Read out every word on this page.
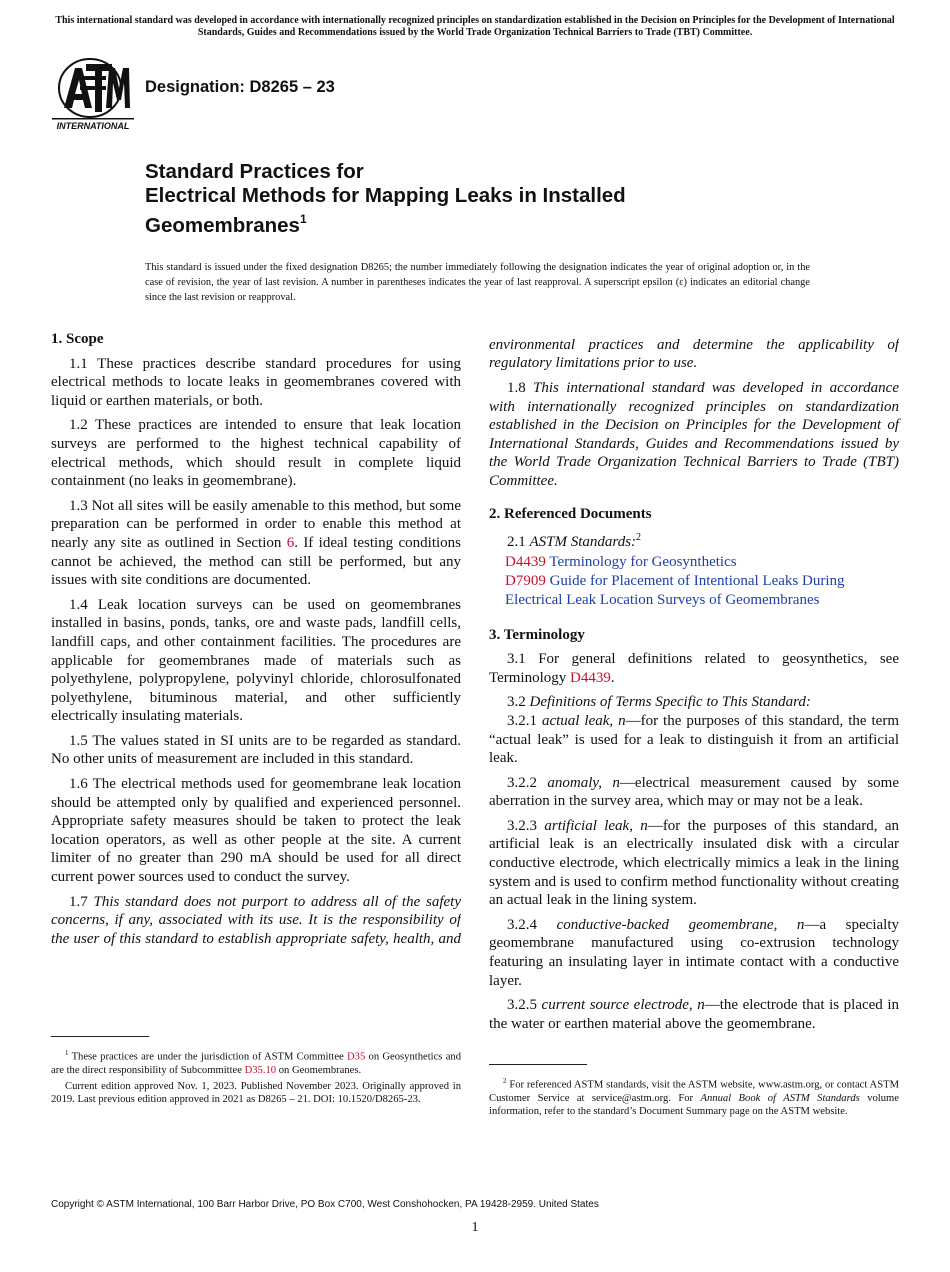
This international standard was developed in accordance with internationally recognized principles on standardization established in the Decision on Principles for the Development of International Standards, Guides and Recommendations issued by the World Trade Organization Technical Barriers to Trade (TBT) Committee.
INTERNATIONAL
Designation: D8265 – 23
Standard Practices for
Electrical Methods for Mapping Leaks in Installed
Geomembranes$^1$
This standard is issued under the fixed designation D8265; the number immediately following the designation indicates the year of original adoption or, in the case of revision, the year of last revision. A number in parentheses indicates the year of last reapproval. A superscript epsilon (ε) indicates an editorial change since the last revision or reapproval.
1. Scope

1.1 These practices describe standard procedures for using electrical methods to locate leaks in geomembranes covered with liquid or earthen materials, or both.

1.2 These practices are intended to ensure that leak location surveys are performed to the highest technical capability of electrical methods, which should result in complete liquid containment (no leaks in geomembrane).

1.3 Not all sites will be easily amenable to this method, but some preparation can be performed in order to enable this method at nearly any site as outlined in Section 6. If ideal testing conditions cannot be achieved, the method can still be performed, but any issues with site conditions are documented.

1.4 Leak location surveys can be used on geomembranes installed in basins, ponds, tanks, ore and waste pads, landfill cells, landfill caps, and other containment facilities. The procedures are applicable for geomembranes made of materials such as polyethylene, polypropylene, polyvinyl chloride, chlorosulfonated polyethylene, bituminous material, and other sufficiently electrically insulating materials.

1.5 The values stated in SI units are to be regarded as standard. No other units of measurement are included in this standard.

1.6 The electrical methods used for geomembrane leak location should be attempted only by qualified and experienced personnel. Appropriate safety measures should be taken to protect the leak location operators, as well as other people at the site. A current limiter of no greater than 290 mA should be used for all direct current power sources used to conduct the survey.

1.7 This standard does not purport to address all of the safety concerns, if any, associated with its use. It is the responsibility of the user of this standard to establish appropriate safety, health, and

environmental practices and determine the applicability of regulatory limitations prior to use.

1.8 This international standard was developed in accordance with internationally recognized principles on standardization established in the Decision on Principles for the Development of International Standards, Guides and Recommendations issued by the World Trade Organization Technical Barriers to Trade (TBT) Committee.

2. Referenced Documents

2.1 ASTM Standards:$^2$

D4439 Terminology for Geosynthetics
D7909 Guide for Placement of Intentional Leaks During Electrical Leak Location Surveys of Geomembranes
3. Terminology

3.1 For general definitions related to geosynthetics, see Terminology D4439.

3.2 Definitions of Terms Specific to This Standard:

3.2.1 actual leak, n—for the purposes of this standard, the term “actual leak” is used for a leak to distinguish it from an artificial leak.

3.2.2 anomaly, n—electrical measurement caused by some aberration in the survey area, which may or may not be a leak.

3.2.3 artificial leak, n—for the purposes of this standard, an artificial leak is an electrically insulated disk with a circular conductive electrode, which electrically mimics a leak in the lining system and is used to confirm method functionality without creating an actual leak in the lining system.

3.2.4 conductive-backed geomembrane, n—a specialty geomembrane manufactured using co-extrusion technology featuring an insulating layer in intimate contact with a conductive layer.

3.2.5 current source electrode, n—the electrode that is placed in the water or earthen material above the geomembrane.

$^1$ These practices are under the jurisdiction of ASTM Committee D35 on Geosynthetics and are the direct responsibility of Subcommittee D35.10 on Geomembranes.

Current edition approved Nov. 1, 2023. Published November 2023. Originally approved in 2019. Last previous edition approved in 2021 as D8265 – 21. DOI: 10.1520/D8265-23.

$^2$ For referenced ASTM standards, visit the ASTM website, www.astm.org, or contact ASTM Customer Service at service@astm.org. For Annual Book of ASTM Standards volume information, refer to the standard’s Document Summary page on the ASTM website.

Copyright © ASTM International, 100 Barr Harbor Drive, PO Box C700, West Conshohocken, PA 19428-2959. United States
1
